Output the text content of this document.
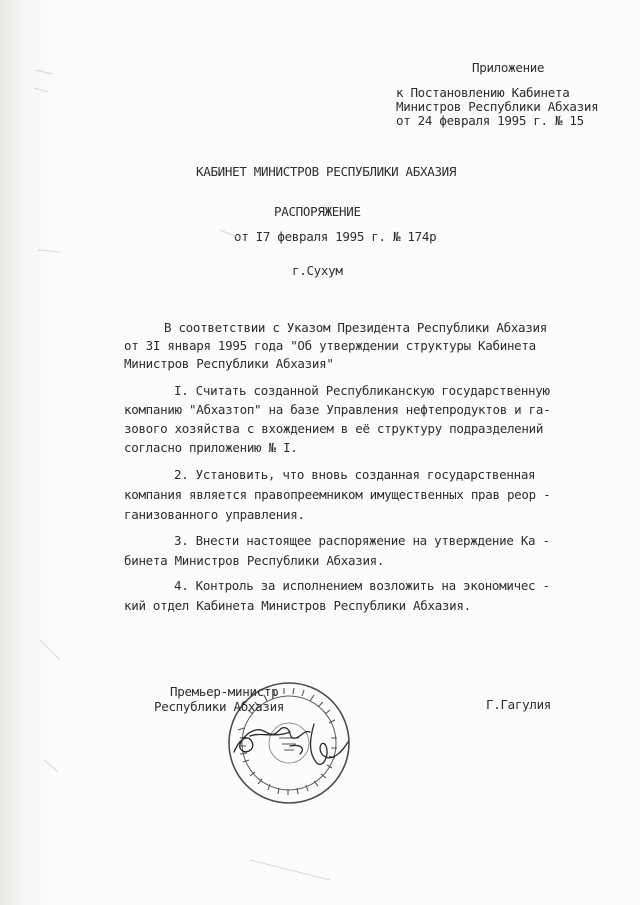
Приложение
к Постановлению Кабинета
Министров Республики Абхазия
от 24 февраля 1995 г. № 15
КАБИНЕТ МИНИСТРОВ РЕСПУБЛИКИ АБХАЗИЯ
РАСПОРЯЖЕНИЕ
от I7 февраля 1995 г. № 174р
г.Сухум
В соответствии с Указом Президента Республики Абхазия
от 3I января 1995 года "Об утверждении структуры Кабинета
Министров Республики Абхазия"
I. Считать созданной Республиканскую государственную
компанию "Абхазтоп" на базе Управления нефтепродуктов и га-
зового хозяйства с вхождением в её структуру подразделений
согласно приложению № I.
2. Установить, что вновь созданная государственная
компания является правопреемником имущественных прав реор -
ганизованного управления.
3. Внести настоящее распоряжение на утверждение Ка -
бинета Министров Республики Абхазия.
4. Контроль за исполнением возложить на экономичес -
кий отдел Кабинета Министров Республики Абхазия.
Премьер-министр
Республики Абхазия	Г.Гагулия
